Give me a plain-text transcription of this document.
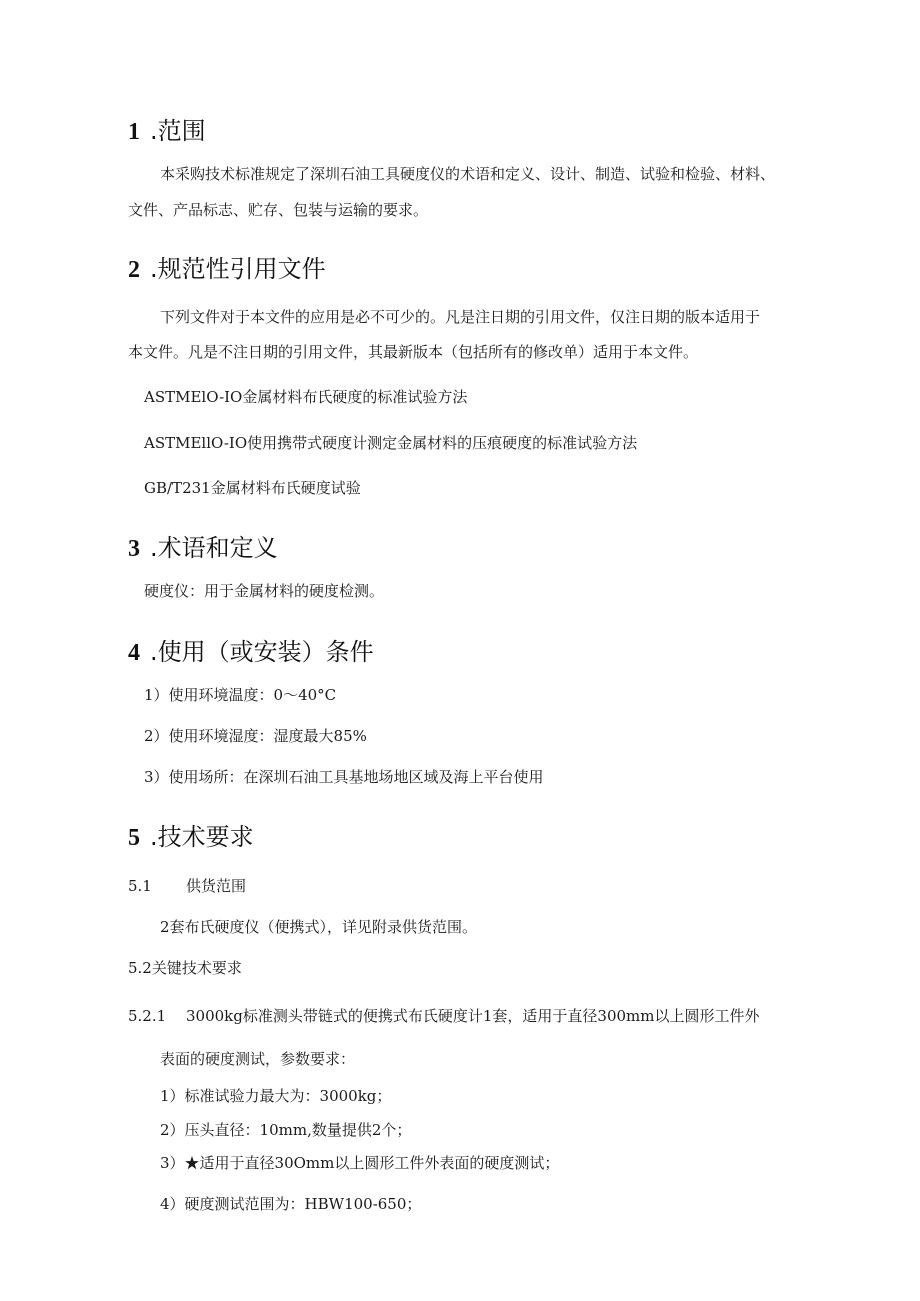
1 .范围

本采购技术标准规定了深圳石油工具硬度仪的术语和定义、设计、制造、试验和检验、材料、

文件、产品标志、贮存、包装与运输的要求。

2 .规范性引用文件

下列文件对于本文件的应用是必不可少的。凡是注日期的引用文件，仅注日期的版本适用于

本文件。凡是不注日期的引用文件，其最新版本（包括所有的修改单）适用于本文件。

ASTMElO-IO金属材料布氏硬度的标准试验方法

ASTMEllO-IO使用携带式硬度计测定金属材料的压痕硬度的标准试验方法

GB/T231金属材料布氏硬度试验

3 .术语和定义

硬度仪：用于金属材料的硬度检测。

4 .使用（或安装）条件

1）使用环境温度：0～40°C

2）使用环境湿度：湿度最大85%

3）使用场所：在深圳石油工具基地场地区域及海上平台使用

5 .技术要求

5.1 供货范围

2套布氏硬度仪（便携式），详见附录供货范围。

5.2关键技术要求

5.2.1 3000kg标准测头带链式的便携式布氏硬度计1套，适用于直径300mm以上圆形工件外

表面的硬度测试，参数要求：

1）标准试验力最大为：3000kg；

2）压头直径：10mm,数量提供2个；

3）★适用于直径30Omm以上圆形工件外表面的硬度测试；

4）硬度测试范围为：HBW100-650；
